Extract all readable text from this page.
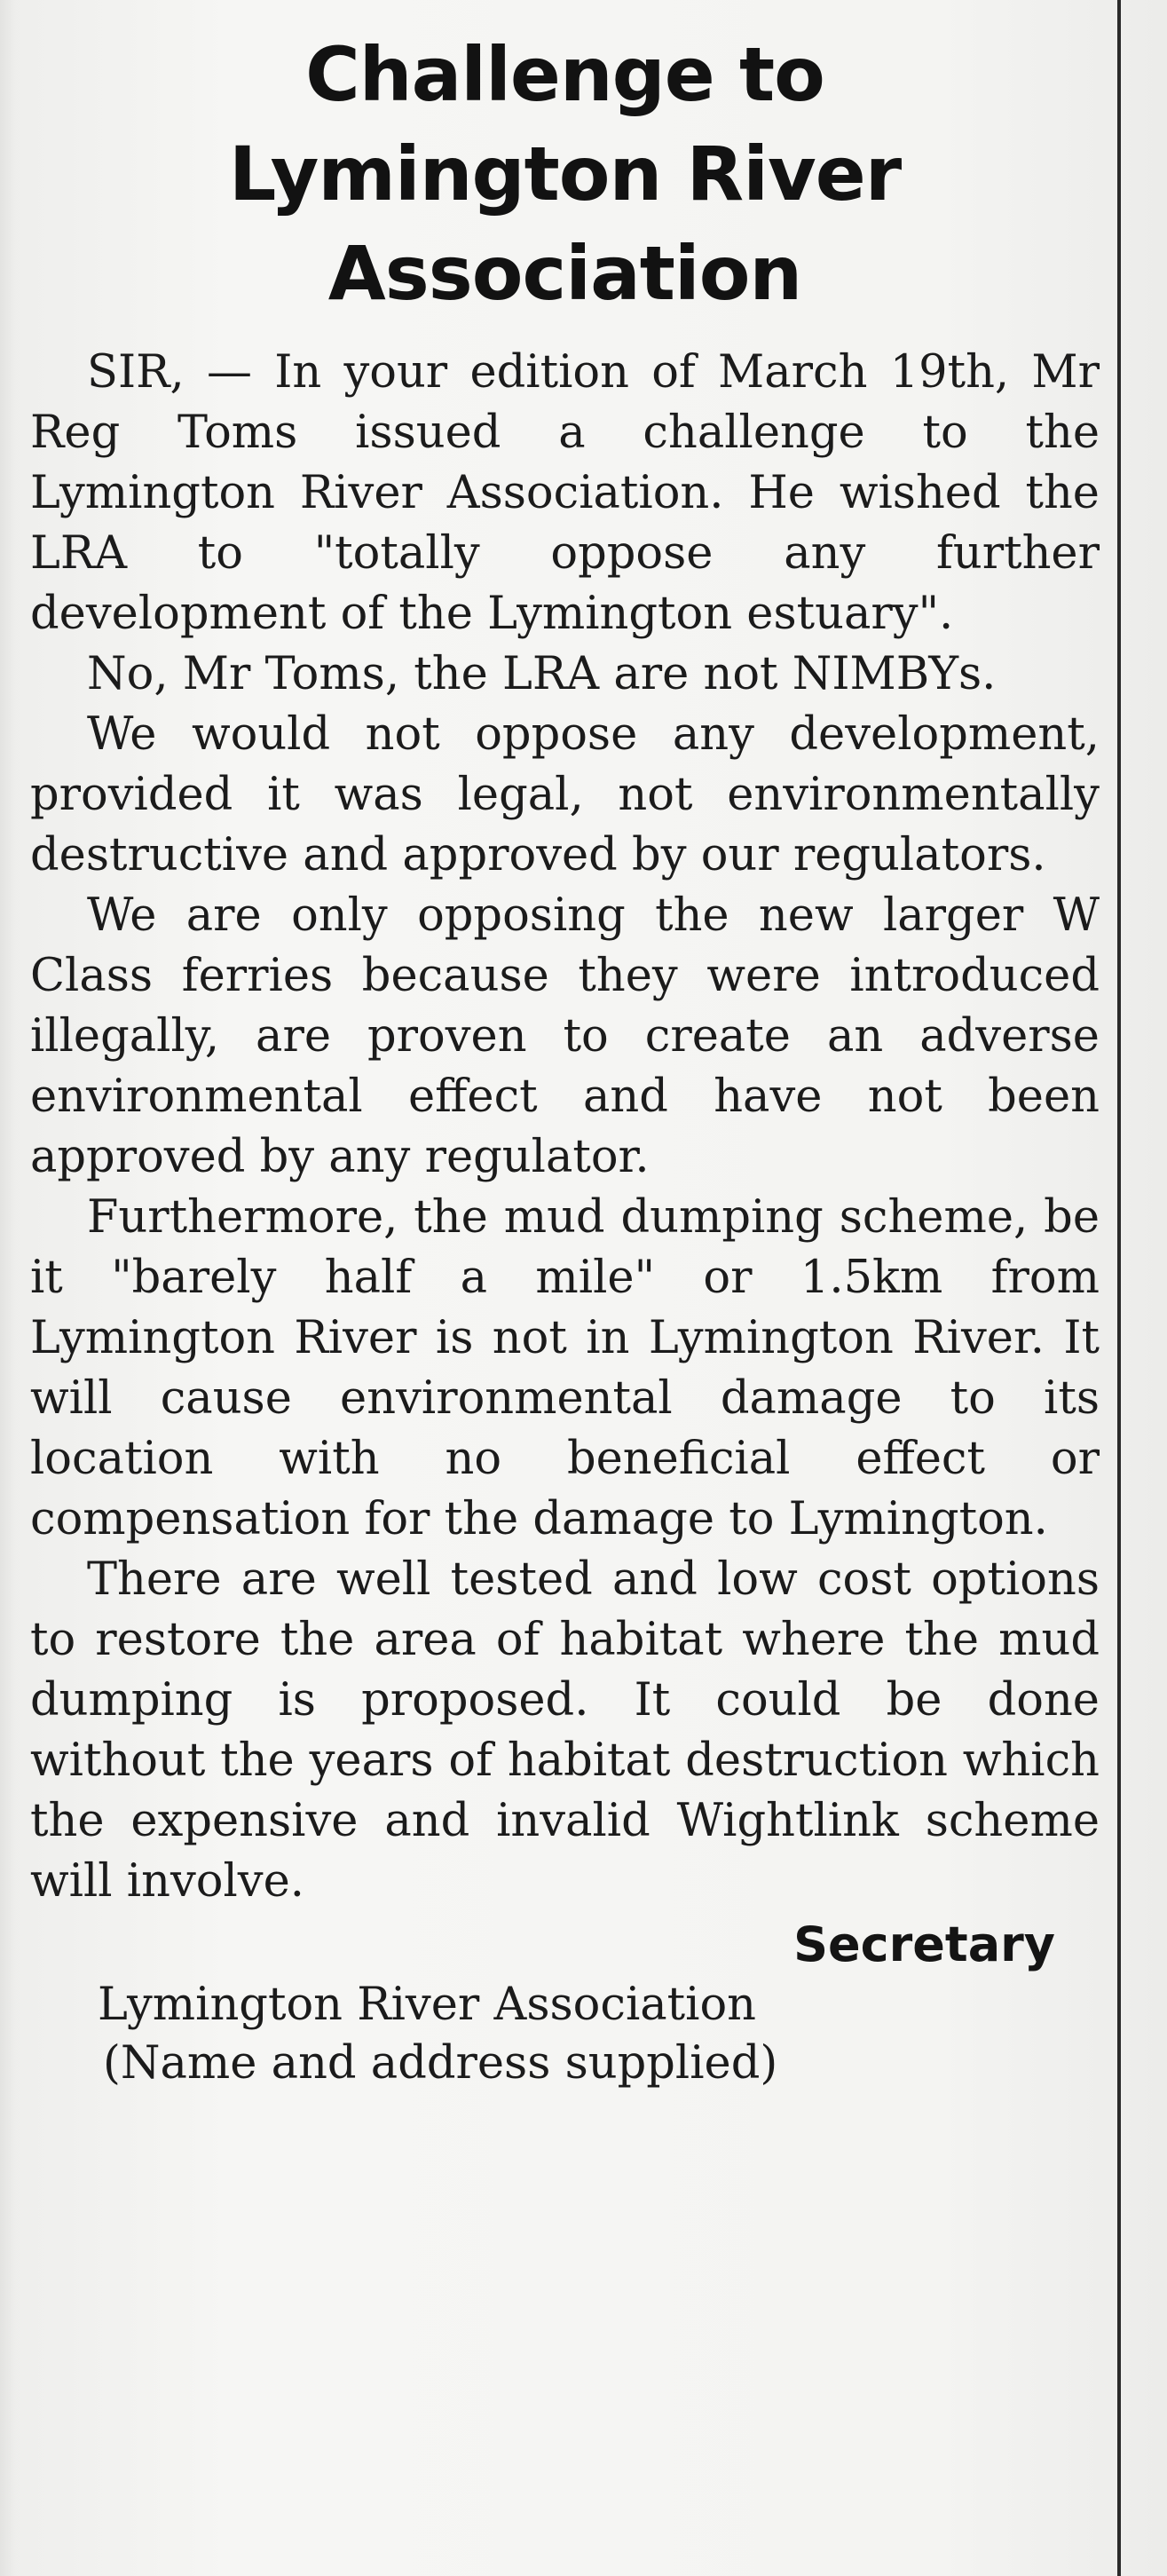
Challenge to
Lymington River
Association

SIR, — In your edition of March 19th, Mr Reg Toms issued a challenge to the Lymington River Association. He wished the LRA to "totally oppose any further development of the Lymington estuary".

No, Mr Toms, the LRA are not NIMBYs.

We would not oppose any development, provided it was legal, not environmentally destructive and approved by our regulators.

We are only opposing the new larger W Class ferries because they were introduced illegally, are proven to create an adverse environmental effect and have not been approved by any regulator.

Furthermore, the mud dumping scheme, be it "barely half a mile" or 1.5km from Lymington River is not in Lymington River. It will cause environmental damage to its location with no beneficial effect or compensation for the damage to Lymington.

There are well tested and low cost options to restore the area of habitat where the mud dumping is proposed. It could be done without the years of habitat destruction which the expensive and invalid Wightlink scheme will involve.

Secretary
Lymington River Association
(Name and address supplied)
